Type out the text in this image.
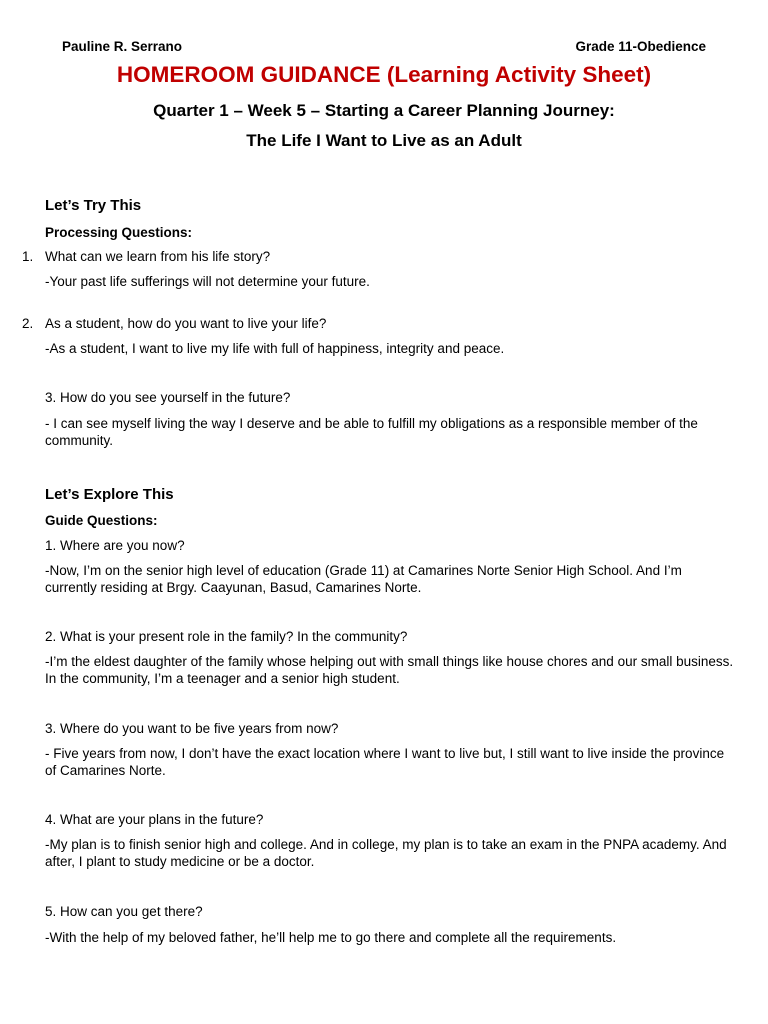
Pauline R. Serrano	Grade 11-Obedience
HOMEROOM GUIDANCE (Learning Activity Sheet)
Quarter 1 – Week 5 – Starting a Career Planning Journey:
The Life I Want to Live as an Adult
Let’s Try This
Processing Questions:
1. What can we learn from his life story?
-Your past life sufferings will not determine your future.
2. As a student, how do you want to live your life?
-As a student, I want to live my life with full of happiness, integrity and peace.
3. How do you see yourself in the future?
- I can see myself living the way I deserve and be able to fulfill my obligations as a responsible member of the community.
Let’s Explore This
Guide Questions:
1. Where are you now?
-Now, I’m on the senior high level of education (Grade 11) at Camarines Norte Senior High School. And I’m currently residing at Brgy. Caayunan, Basud, Camarines Norte.
2. What is your present role in the family? In the community?
-I’m the eldest daughter of the family whose helping out with small things like house chores and our small business. In the community, I’m a teenager and a senior high student.
3. Where do you want to be five years from now?
- Five years from now, I don’t have the exact location where I want to live but, I still want to live inside the province of Camarines Norte.
4. What are your plans in the future?
-My plan is to finish senior high and college. And in college, my plan is to take an exam in the PNPA academy. And after, I plant to study medicine or be a doctor.
5. How can you get there?
-With the help of my beloved father, he’ll help me to go there and complete all the requirements.
